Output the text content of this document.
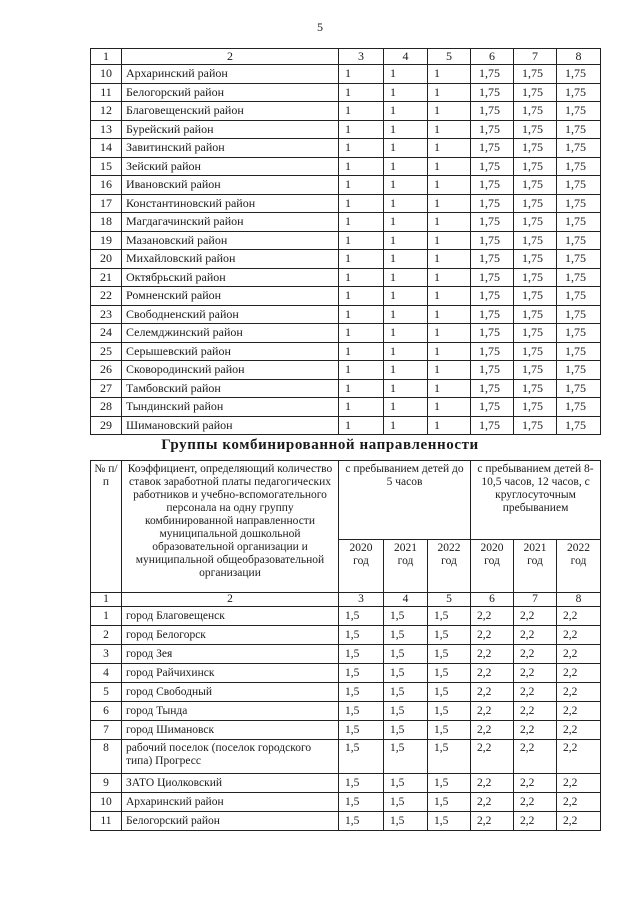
5
1	2	3	4	5	6	7	8
10	Архаринский район	1	1	1	1,75	1,75	1,75
11	Белогорский район	1	1	1	1,75	1,75	1,75
12	Благовещенский район	1	1	1	1,75	1,75	1,75
13	Бурейский район	1	1	1	1,75	1,75	1,75
14	Завитинский район	1	1	1	1,75	1,75	1,75
15	Зейский район	1	1	1	1,75	1,75	1,75
16	Ивановский район	1	1	1	1,75	1,75	1,75
17	Константиновский район	1	1	1	1,75	1,75	1,75
18	Магдагачинский район	1	1	1	1,75	1,75	1,75
19	Мазановский район	1	1	1	1,75	1,75	1,75
20	Михайловский район	1	1	1	1,75	1,75	1,75
21	Октябрьский район	1	1	1	1,75	1,75	1,75
22	Ромненский район	1	1	1	1,75	1,75	1,75
23	Свободненский район	1	1	1	1,75	1,75	1,75
24	Селемджинский район	1	1	1	1,75	1,75	1,75
25	Серышевский район	1	1	1	1,75	1,75	1,75
26	Сковородинский район	1	1	1	1,75	1,75	1,75
27	Тамбовский район	1	1	1	1,75	1,75	1,75
28	Тындинский район	1	1	1	1,75	1,75	1,75
29	Шимановский район	1	1	1	1,75	1,75	1,75
Группы комбинированной направленности
№ п/п	Коэффициент, определяющий количество ставок заработной платы педагогических работников и учебно-вспомогательного персонала на одну группу комбинированной направленности муниципальной дошкольной образовательной организации и муниципальной общеобразовательной организации	с пребыванием детей до 5 часов			с пребыванием детей 8-10,5 часов, 12 часов, с круглосуточным пребыванием		
		2020 год	2021 год	2022 год	2020 год	2021 год	2022 год
1	2	3	4	5	6	7	8
1	город Благовещенск	1,5	1,5	1,5	2,2	2,2	2,2
2	город Белогорск	1,5	1,5	1,5	2,2	2,2	2,2
3	город Зея	1,5	1,5	1,5	2,2	2,2	2,2
4	город Райчихинск	1,5	1,5	1,5	2,2	2,2	2,2
5	город Свободный	1,5	1,5	1,5	2,2	2,2	2,2
6	город Тында	1,5	1,5	1,5	2,2	2,2	2,2
7	город Шимановск	1,5	1,5	1,5	2,2	2,2	2,2
8	рабочий поселок (поселок городского типа) Прогресс	1,5	1,5	1,5	2,2	2,2	2,2
9	ЗАТО Циолковский	1,5	1,5	1,5	2,2	2,2	2,2
10	Архаринский район	1,5	1,5	1,5	2,2	2,2	2,2
11	Белогорский район	1,5	1,5	1,5	2,2	2,2	2,2
